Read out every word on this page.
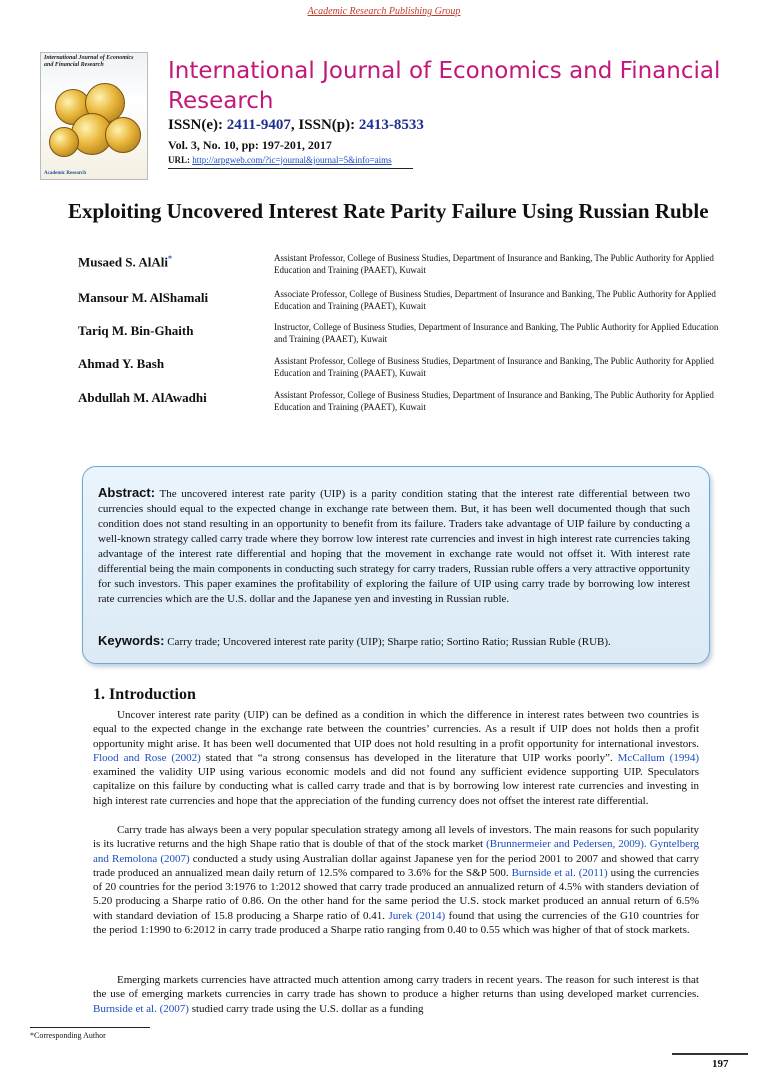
Academic Research Publishing Group
International Journal of Economics and Financial Research
Academic Research
International Journal of Economics and Financial Research
ISSN(e): 2411-9407, ISSN(p): 2413-8533
Vol. 3, No. 10, pp: 197-201, 2017
URL: http://arpgweb.com/?ic=journal&journal=5&info=aims
Exploiting Uncovered Interest Rate Parity Failure Using Russian Ruble
Musaed S. AlAli*	Assistant Professor, College of Business Studies, Department of Insurance and Banking, The Public Authority for Applied Education and Training (PAAET), Kuwait
Mansour M. AlShamali	Associate Professor, College of Business Studies, Department of Insurance and Banking, The Public Authority for Applied Education and Training (PAAET), Kuwait
Tariq M. Bin-Ghaith	Instructor, College of Business Studies, Department of Insurance and Banking, The Public Authority for Applied Education and Training (PAAET), Kuwait
Ahmad Y. Bash	Assistant Professor, College of Business Studies, Department of Insurance and Banking, The Public Authority for Applied Education and Training (PAAET), Kuwait
Abdullah M. AlAwadhi	Assistant Professor, College of Business Studies, Department of Insurance and Banking, The Public Authority for Applied Education and Training (PAAET), Kuwait
Abstract: The uncovered interest rate parity (UIP) is a parity condition stating that the interest rate differential between two currencies should equal to the expected change in exchange rate between them. But, it has been well documented though that such condition does not stand resulting in an opportunity to benefit from its failure. Traders take advantage of UIP failure by conducting a well-known strategy called carry trade where they borrow low interest rate currencies and invest in high interest rate currencies taking advantage of the interest rate differential and hoping that the movement in exchange rate would not offset it. With interest rate differential being the main components in conducting such strategy for carry traders, Russian ruble offers a very attractive opportunity for such investors. This paper examines the profitability of exploring the failure of UIP using carry trade by borrowing low interest rate currencies which are the U.S. dollar and the Japanese yen and investing in Russian ruble.
Keywords: Carry trade; Uncovered interest rate parity (UIP); Sharpe ratio; Sortino Ratio; Russian Ruble (RUB).
1. Introduction
Uncover interest rate parity (UIP) can be defined as a condition in which the difference in interest rates between two countries is equal to the expected change in the exchange rate between the countries’ currencies. As a result if UIP does not holds then a profit opportunity might arise. It has been well documented that UIP does not hold resulting in a profit opportunity for international investors. Flood and Rose (2002) stated that “a strong consensus has developed in the literature that UIP works poorly”. McCallum (1994) examined the validity UIP using various economic models and did not found any sufficient evidence supporting UIP. Speculators capitalize on this failure by conducting what is called carry trade and that is by borrowing low interest rate currencies and investing in high interest rate currencies and hope that the appreciation of the funding currency does not offset the interest rate differential.
Carry trade has always been a very popular speculation strategy among all levels of investors. The main reasons for such popularity is its lucrative returns and the high Shape ratio that is double of that of the stock market (Brunnermeier and Pedersen, 2009). Gyntelberg and Remolona (2007) conducted a study using Australian dollar against Japanese yen for the period 2001 to 2007 and showed that carry trade produced an annualized mean daily return of 12.5% compared to 3.6% for the S&P 500. Burnside et al. (2011) using the currencies of 20 countries for the period 3:1976 to 1:2012 showed that carry trade produced an annualized return of 4.5% with standers deviation of 5.20 producing a Sharpe ratio of 0.86. On the other hand for the same period the U.S. stock market produced an annual return of 6.5% with standard deviation of 15.8 producing a Sharpe ratio of 0.41. Jurek (2014) found that using the currencies of the G10 countries for the period 1:1990 to 6:2012 in carry trade produced a Sharpe ratio ranging from 0.40 to 0.55 which was higher of that of stock markets.
Emerging markets currencies have attracted much attention among carry traders in recent years. The reason for such interest is that the use of emerging markets currencies in carry trade has shown to produce a higher returns than using developed market currencies. Burnside et al. (2007) studied carry trade using the U.S. dollar as a funding
*Corresponding Author
197
